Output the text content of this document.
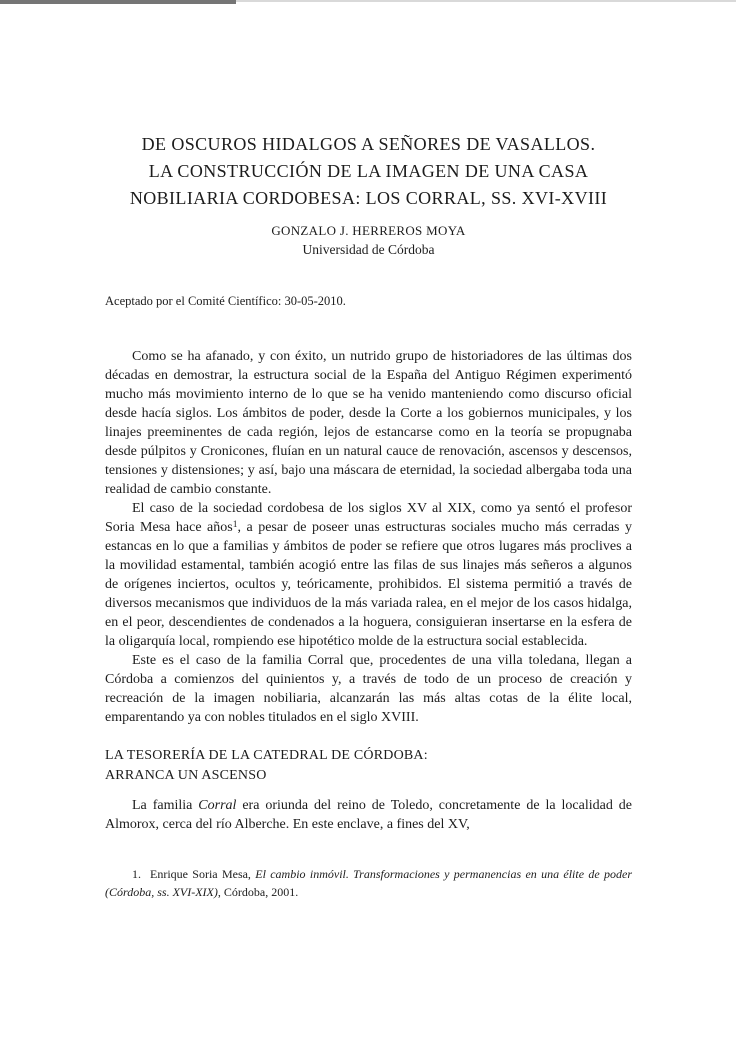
DE OSCUROS HIDALGOS A SEÑORES DE VASALLOS.
LA CONSTRUCCIÓN DE LA IMAGEN DE UNA CASA
NOBILIARIA CORDOBESA: LOS CORRAL, SS. XVI-XVIII
GONZALO J. HERREROS MOYA
Universidad de Córdoba
Aceptado por el Comité Científico: 30-05-2010.

Como se ha afanado, y con éxito, un nutrido grupo de historiadores de las últimas dos décadas en demostrar, la estructura social de la España del Antiguo Régimen experimentó mucho más movimiento interno de lo que se ha venido manteniendo como discurso oficial desde hacía siglos. Los ámbitos de poder, desde la Corte a los gobiernos municipales, y los linajes preeminentes de cada región, lejos de estancarse como en la teoría se propugnaba desde púlpitos y Cronicones, fluían en un natural cauce de renovación, ascensos y descensos, tensiones y distensiones; y así, bajo una máscara de eternidad, la sociedad albergaba toda una realidad de cambio constante.

El caso de la sociedad cordobesa de los siglos XV al XIX, como ya sentó el profesor Soria Mesa hace años$^1$, a pesar de poseer unas estructuras sociales mucho más cerradas y estancas en lo que a familias y ámbitos de poder se refiere que otros lugares más proclives a la movilidad estamental, también acogió entre las filas de sus linajes más señeros a algunos de orígenes inciertos, ocultos y, teóricamente, prohibidos. El sistema permitió a través de diversos mecanismos que individuos de la más variada ralea, en el mejor de los casos hidalga, en el peor, descendientes de condenados a la hoguera, consiguieran insertarse en la esfera de la oligarquía local, rompiendo ese hipotético molde de la estructura social establecida.

Este es el caso de la familia Corral que, procedentes de una villa toledana, llegan a Córdoba a comienzos del quinientos y, a través de todo de un proceso de creación y recreación de la imagen nobiliaria, alcanzarán las más altas cotas de la élite local, emparentando ya con nobles titulados en el siglo XVIII.

LA TESORERÍA DE LA CATEDRAL DE CÓRDOBA:
ARRANCA UN ASCENSO

La familia Corral era oriunda del reino de Toledo, concretamente de la localidad de Almorox, cerca del río Alberche. En este enclave, a fines del XV,

1. Enrique Soria Mesa, El cambio inmóvil. Transformaciones y permanencias en una élite de poder (Córdoba, ss. XVI-XIX), Córdoba, 2001.
